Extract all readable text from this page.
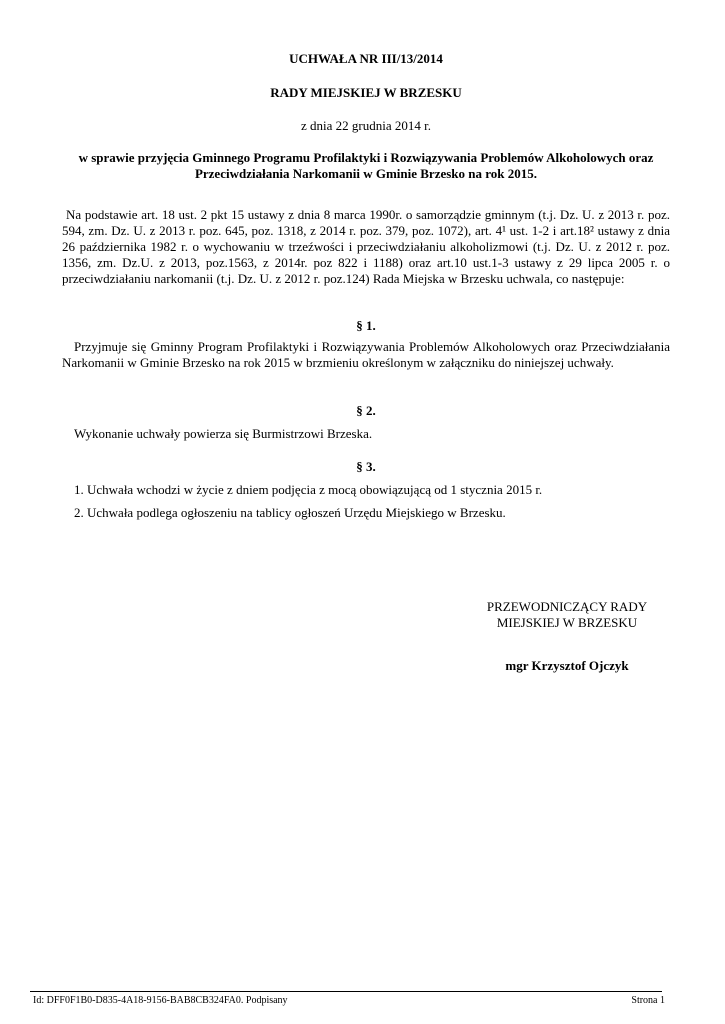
UCHWAŁA NR III/13/2014
RADY MIEJSKIEJ W BRZESKU
z dnia 22 grudnia 2014 r.
w sprawie przyjęcia Gminnego Programu Profilaktyki i Rozwiązywania Problemów Alkoholowych oraz Przeciwdziałania Narkomanii w Gminie Brzesko na rok 2015.
Na podstawie art. 18 ust. 2 pkt 15 ustawy z dnia 8 marca 1990r. o samorządzie gminnym (t.j. Dz. U. z 2013 r. poz. 594, zm. Dz. U. z 2013 r. poz. 645, poz. 1318, z 2014 r. poz. 379, poz. 1072), art. 4¹ ust. 1-2 i art.18² ustawy z dnia 26 października 1982 r. o wychowaniu w trzeźwości i przeciwdziałaniu alkoholizmowi (t.j. Dz. U. z 2012 r. poz. 1356, zm. Dz.U. z 2013, poz.1563, z 2014r. poz 822 i 1188) oraz art.10 ust.1-3 ustawy z 29 lipca 2005 r. o przeciwdziałaniu narkomanii (t.j. Dz. U. z 2012 r. poz.124) Rada Miejska w Brzesku uchwala, co następuje:
§ 1.
Przyjmuje się Gminny Program Profilaktyki i Rozwiązywania Problemów Alkoholowych oraz Przeciwdziałania Narkomanii w Gminie Brzesko na rok 2015 w brzmieniu określonym w załączniku do niniejszej uchwały.
§ 2.
Wykonanie uchwały powierza się Burmistrzowi Brzeska.
§ 3.
1. Uchwała wchodzi w życie z dniem podjęcia z mocą obowiązującą od 1 stycznia 2015 r.
2. Uchwała podlega ogłoszeniu na tablicy ogłoszeń Urzędu Miejskiego w Brzesku.
PRZEWODNICZĄCY RADY
MIEJSKIEJ W BRZESKU
mgr Krzysztof Ojczyk
Id: DFF0F1B0-D835-4A18-9156-BAB8CB324FA0. Podpisany	Strona 1
